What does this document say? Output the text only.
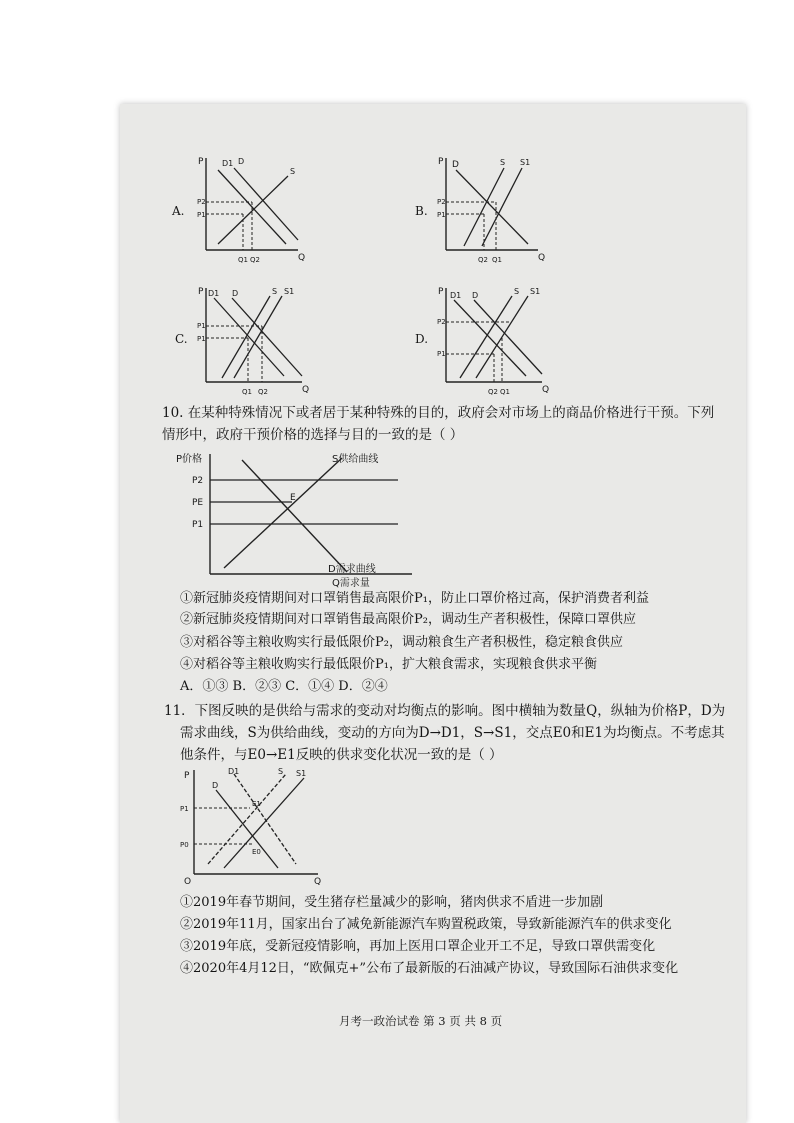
A.
P
Q
D1 D
S
P2
P1
Q1 Q2
B.
P
Q
D	S S1
P2
P1
Q2 Q1
C.
P
Q
D1 D	S S1
P1
P1
Q1 Q2
D.
P
Q
D1 D	S S1
P2
P1
Q2 Q1
10. 在某种特殊情况下或者居于某种特殊的目的，政府会对市场上的商品价格进行干预。下列
情形中，政府干预价格的选择与目的一致的是（ ）
P价格
Q需求量
P2
PE
P1
E
S供给曲线
D需求曲线
①新冠肺炎疫情期间对口罩销售最高限价P₁，防止口罩价格过高，保护消费者利益
②新冠肺炎疫情期间对口罩销售最高限价P₂，调动生产者积极性，保障口罩供应
③对稻谷等主粮收购实行最低限价P₂，调动粮食生产者积极性，稳定粮食供应
④对稻谷等主粮收购实行最低限价P₁，扩大粮食需求，实现粮食供求平衡
A．①③ B．②③ C．①④ D．②④
11．下图反映的是供给与需求的变动对均衡点的影响。图中横轴为数量Q，纵轴为价格P，D为
需求曲线，S为供给曲线，变动的方向为D→D1，S→S1，交点E0和E1为均衡点。不考虑其
他条件，与E0→E1反映的供求变化状况一致的是（ ）
P
Q
O
D
D1	S S1
P1
P0
E1
E0
①2019年春节期间，受生猪存栏量减少的影响，猪肉供求不盾进一步加剧
②2019年11月，国家出台了减免新能源汽车购置税政策，导致新能源汽车的供求变化
③2019年底，受新冠疫情影响，再加上医用口罩企业开工不足，导致口罩供需变化
④2020年4月12日，“欧佩克+”公布了最新版的石油减产协议，导致国际石油供求变化
月考一政治试卷 第 3 页 共 8 页
